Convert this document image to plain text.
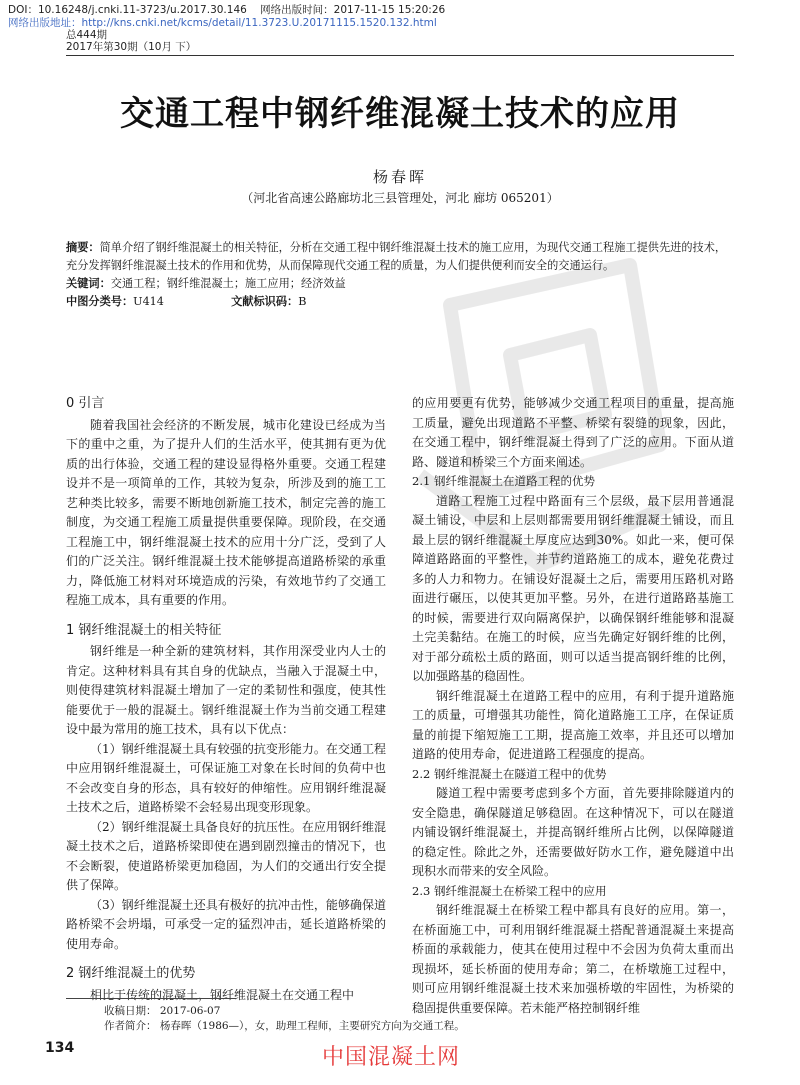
DOI：10.16248/j.cnki.11-3723/u.2017.30.146 网络出版时间：2017-11-15 15:20:26
网络出版地址：http://kns.cnki.net/kcms/detail/11.3723.U.20171115.1520.132.html
总444期
2017年第30期（10月 下）
交通工程中钢纤维混凝土技术的应用
杨春晖
（河北省高速公路廊坊北三县管理处，河北 廊坊 065201）
摘要：简单介绍了钢纤维混凝土的相关特征，分析在交通工程中钢纤维混凝土技术的施工应用，为现代交通工程施工提供先进的技术，充分发挥钢纤维混凝土技术的作用和优势，从而保障现代交通工程的质量，为人们提供便利而安全的交通运行。
关键词：交通工程；钢纤维混凝土；施工应用；经济效益
中图分类号：U414	文献标识码：B
0 引言

随着我国社会经济的不断发展，城市化建设已经成为当下的重中之重，为了提升人们的生活水平，使其拥有更为优质的出行体验，交通工程的建设显得格外重要。交通工程建设并不是一项简单的工作，其较为复杂，所涉及到的施工工艺种类比较多，需要不断地创新施工技术，制定完善的施工制度，为交通工程施工质量提供重要保障。现阶段，在交通工程施工中，钢纤维混凝土技术的应用十分广泛，受到了人们的广泛关注。钢纤维混凝土技术能够提高道路桥梁的承重力，降低施工材料对环境造成的污染，有效地节约了交通工程施工成本，具有重要的作用。

1 钢纤维混凝土的相关特征

钢纤维是一种全新的建筑材料，其作用深受业内人士的肯定。这种材料具有其自身的优缺点，当融入于混凝土中，则使得建筑材料混凝土增加了一定的柔韧性和强度，使其性能要优于一般的混凝土。钢纤维混凝土作为当前交通工程建设中最为常用的施工技术，具有以下优点：

（1）钢纤维混凝土具有较强的抗变形能力。在交通工程中应用钢纤维混凝土，可保证施工对象在长时间的负荷中也不会改变自身的形态，具有较好的伸缩性。应用钢纤维混凝土技术之后，道路桥梁不会轻易出现变形现象。

（2）钢纤维混凝土具备良好的抗压性。在应用钢纤维混凝土技术之后，道路桥梁即使在遇到剧烈撞击的情况下，也不会断裂，使道路桥梁更加稳固，为人们的交通出行安全提供了保障。

（3）钢纤维混凝土还具有极好的抗冲击性，能够确保道路桥梁不会坍塌，可承受一定的猛烈冲击，延长道路桥梁的使用寿命。

2 钢纤维混凝土的优势

相比于传统的混凝土，钢纤维混凝土在交通工程中

的应用要更有优势，能够减少交通工程项目的重量，提高施工质量，避免出现道路不平整、桥梁有裂缝的现象，因此，在交通工程中，钢纤维混凝土得到了广泛的应用。下面从道路、隧道和桥梁三个方面来阐述。

2.1 钢纤维混凝土在道路工程的优势

道路工程施工过程中路面有三个层级，最下层用普通混凝土铺设，中层和上层则都需要用钢纤维混凝土铺设，而且最上层的钢纤维混凝土厚度应达到30%。如此一来，便可保障道路路面的平整性，并节约道路施工的成本，避免花费过多的人力和物力。在铺设好混凝土之后，需要用压路机对路面进行碾压，以使其更加平整。另外，在进行道路路基施工的时候，需要进行双向隔离保护，以确保钢纤维能够和混凝土完美黏结。在施工的时候，应当先确定好钢纤维的比例，对于部分疏松土质的路面，则可以适当提高钢纤维的比例，以加强路基的稳固性。

钢纤维混凝土在道路工程中的应用，有利于提升道路施工的质量，可增强其功能性，简化道路施工工序，在保证质量的前提下缩短施工工期，提高施工效率，并且还可以增加道路的使用寿命，促进道路工程强度的提高。

2.2 钢纤维混凝土在隧道工程中的优势

隧道工程中需要考虑到多个方面，首先要排除隧道内的安全隐患，确保隧道足够稳固。在这种情况下，可以在隧道内铺设钢纤维混凝土，并提高钢纤维所占比例，以保障隧道的稳定性。除此之外，还需要做好防水工作，避免隧道中出现积水而带来的安全风险。

2.3 钢纤维混凝土在桥梁工程中的应用

钢纤维混凝土在桥梁工程中都具有良好的应用。第一，在桥面施工中，可利用钢纤维混凝土搭配普通混凝土来提高桥面的承载能力，使其在使用过程中不会因为负荷太重而出现损坏，延长桥面的使用寿命；第二，在桥墩施工过程中，则可应用钢纤维混凝土技术来加强桥墩的牢固性，为桥梁的稳固提供重要保障。若未能严格控制钢纤维

收稿日期： 2017-06-07
作者简介： 杨春晖（1986—），女，助理工程师，主要研究方向为交通工程。
134	中国混凝土网
